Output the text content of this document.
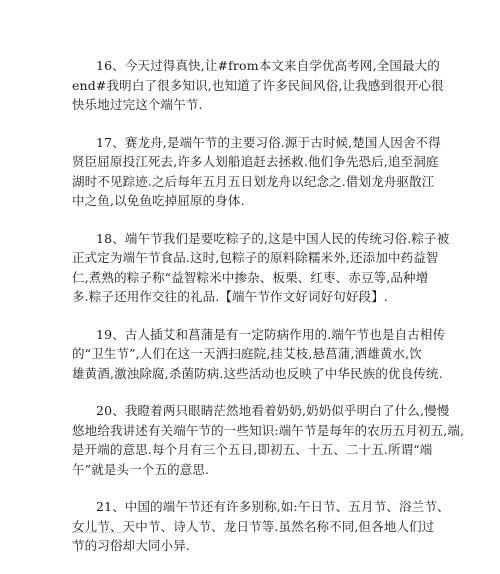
16、今天过得真快,让#from本文来自学优高考网,全国最大的
end#我明白了很多知识,也知道了许多民间风俗,让我感到很开心很
快乐地过完这个端午节.

17、赛龙舟,是端午节的主要习俗.源于古时候,楚国人因舍不得
贤臣屈原投江死去,许多人划船追赶去拯救.他们争先恐后,追至洞庭
湖时不见踪迹.之后每年五月五日划龙舟以纪念之.借划龙舟驱散江
中之鱼,以免鱼吃掉屈原的身体.

18、端午节我们是要吃粽子的,这是中国人民的传统习俗.粽子被
正式定为端午节食品.这时,包粽子的原料除糯米外,还添加中药益智
仁,煮熟的粽子称“益智粽米中掺杂、板栗、红枣、赤豆等,品种增
多.粽子还用作交往的礼品.【端午节作文好词好句好段】.

19、古人插艾和菖蒲是有一定防病作用的.端午节也是自古相传
的“卫生节”,人们在这一天洒扫庭院,挂艾枝,悬菖蒲,洒雄黄水,饮
雄黄酒,激浊除腐,杀菌防病.这些活动也反映了中华民族的优良传统.

20、我瞪着两只眼睛茫然地看着奶奶,奶奶似乎明白了什么,慢慢
悠地给我讲述有关端午节的一些知识:端午节是每年的农历五月初五,端,
是开端的意思.每个月有三个五日,即初五、十五、二十五.所谓“端
午”就是头一个五的意思.

21、中国的端午节还有许多别称,如:午日节、五月节、浴兰节、
女儿节、天中节、诗人节、龙日节等.虽然名称不同,但各地人们过
节的习俗却大同小异.
